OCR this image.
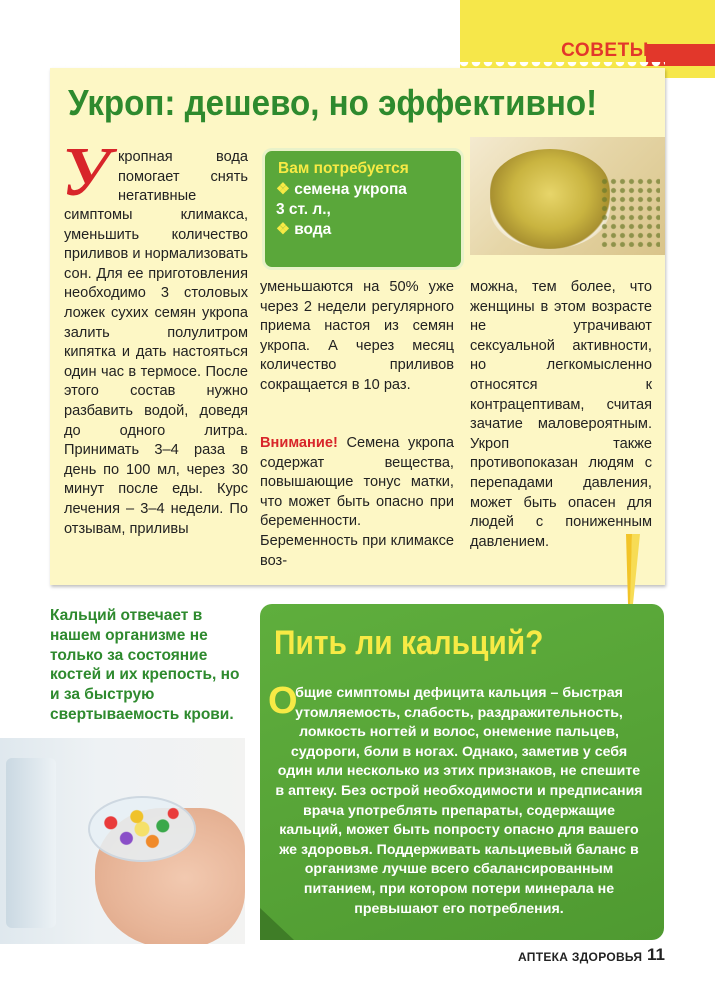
СОВЕТЫ
Укроп: дешево, но эффективно!
У кропная вода помогает снять негативные
симптомы климакса, уменьшить количество приливов и нормализовать сон. Для ее приготовления необходимо 3 столовых ложек сухих семян укропа залить полулитром кипятка и дать настояться один час в термосе. После этого состав нужно разбавить водой, доведя до одного литра. Принимать 3–4 раза в день по 100 мл, через 30 минут после еды. Курс лечения – 3–4 недели. По отзывам, приливы
Вам потребуется
❖ семена укропа
3 ст. л.,
❖ вода
уменьшаются на 50% уже через 2 недели регулярного приема настоя из семян укропа. А через месяц количество приливов сокращается в 10 раз.
Внимание! Семена укропа содержат вещества, повышающие тонус матки, что может быть опасно при беременности. Беременность при климаксе воз-
можна, тем более, что женщины в этом возрасте не утрачивают сексуальной активности, но легкомысленно относятся к контрацептивам, считая зачатие маловероятным. Укроп также противопоказан людям с перепадами давления, может быть опасен для людей с пониженным давлением.
Кальций отвечает в нашем организме не только за состояние костей и их крепость, но и за быструю свертываемость крови.
Пить ли кальций?
О
бщие симптомы дефицита кальция – быстрая утомляемость, слабость, раздражительность, ломкость ногтей и волос, онемение пальцев, судороги, боли в ногах. Однако, заметив у себя один или несколько из этих признаков, не спешите в аптеку. Без острой необходимости и предписания врача употреблять препараты, содержащие кальций, может быть попросту опасно для вашего же здоровья. Поддерживать кальциевый баланс в организме лучше всего сбалансированным питанием, при котором потери минерала не превышают его потребления.
АПТЕКА ЗДОРОВЬЯ 11
